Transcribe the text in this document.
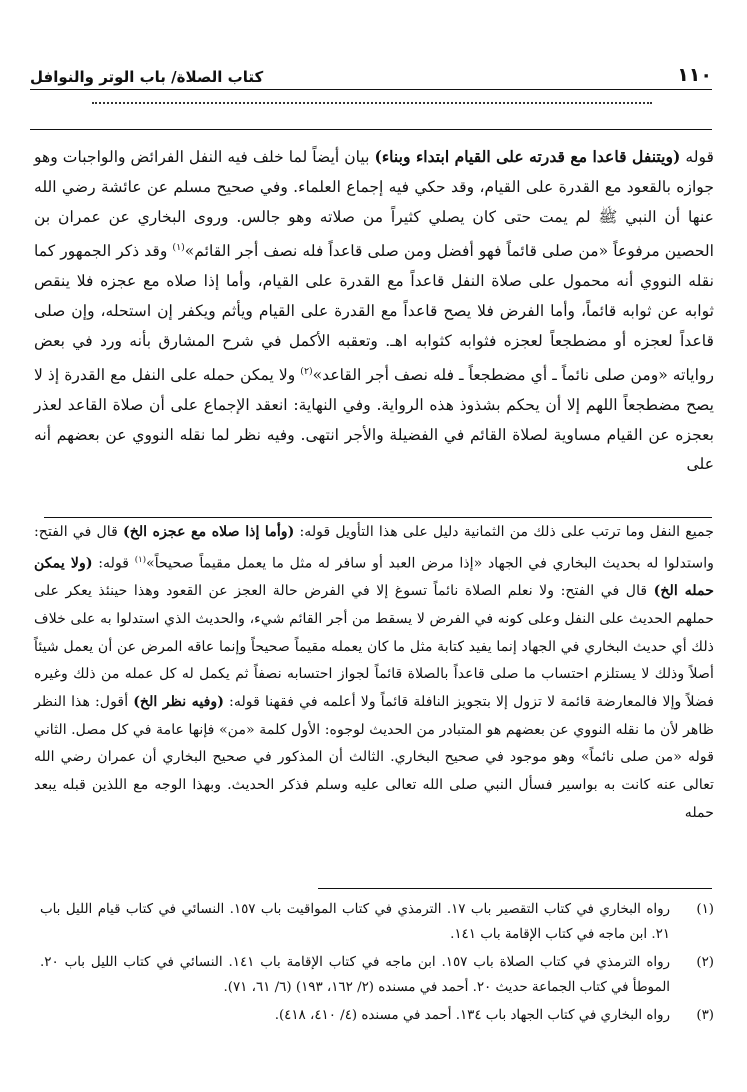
١١٠
كتاب الصلاة/ باب الوتر والنوافل

قوله (ويتنفل قاعدا مع قدرته على القيام ابتداء وبناء) بيان أيضاً لما خلف فيه النفل الفرائض والواجبات وهو جوازه بالقعود مع القدرة على القيام، وقد حكي فيه إجماع العلماء. وفي صحيح مسلم عن عائشة رضي الله عنها أن النبي ﷺ لم يمت حتى كان يصلي كثيراً من صلاته وهو جالس. وروى البخاري عن عمران بن الحصين مرفوعاً «من صلى قائماً فهو أفضل ومن صلى قاعداً فله نصف أجر القائم»$^{(١)}$ وقد ذكر الجمهور كما نقله النووي أنه محمول على صلاة النفل قاعداً مع القدرة على القيام، وأما إذا صلاه مع عجزه فلا ينقص ثوابه عن ثوابه قائماً، وأما الفرض فلا يصح قاعداً مع القدرة على القيام ويأثم ويكفر إن استحله، وإن صلى قاعداً لعجزه أو مضطجعاً لعجزه فثوابه كثوابه اهـ. وتعقبه الأكمل في شرح المشارق بأنه ورد في بعض رواياته «ومن صلى نائماً ـ أي مضطجعاً ـ فله نصف أجر القاعد»$^{(٢)}$ ولا يمكن حمله على النفل مع القدرة إذ لا يصح مضطجعاً اللهم إلا أن يحكم بشذوذ هذه الرواية. وفي النهاية: انعقد الإجماع على أن صلاة القاعد لعذر بعجزه عن القيام مساوية لصلاة القائم في الفضيلة والأجر انتهى. وفيه نظر لما نقله النووي عن بعضهم أنه على

جميع النفل وما ترتب على ذلك من الثمانية دليل على هذا التأويل قوله: (وأما إذا صلاه مع عجزه الخ) قال في الفتح: واستدلوا له بحديث البخاري في الجهاد «إذا مرض العبد أو سافر له مثل ما يعمل مقيماً صحيحاً»$^{(١)}$ قوله: (ولا يمكن حمله الخ) قال في الفتح: ولا نعلم الصلاة نائماً تسوغ إلا في الفرض حالة العجز عن القعود وهذا حينئذ يعكر على حملهم الحديث على النفل وعلى كونه في الفرض لا يسقط من أجر القائم شيء، والحديث الذي استدلوا به على خلاف ذلك أي حديث البخاري في الجهاد إنما يفيد كتابة مثل ما كان يعمله مقيماً صحيحاً وإنما عاقه المرض عن أن يعمل شيئاً أصلاً وذلك لا يستلزم احتساب ما صلى قاعداً بالصلاة قائماً لجواز احتسابه نصفاً ثم يكمل له كل عمله من ذلك وغيره فضلاً وإلا فالمعارضة قائمة لا تزول إلا بتجويز النافلة قائماً ولا أعلمه في فقهنا قوله: (وفيه نظر الخ) أقول: هذا النظر ظاهر لأن ما نقله النووي عن بعضهم هو المتبادر من الحديث لوجوه: الأول كلمة «من» فإنها عامة في كل مصل. الثاني قوله «من صلى نائماً» وهو موجود في صحيح البخاري. الثالث أن المذكور في صحيح البخاري أن عمران رضي الله تعالى عنه كانت به بواسير فسأل النبي صلى الله تعالى عليه وسلم فذكر الحديث. وبهذا الوجه مع اللذين قبله يبعد حمله

(١)
رواه البخاري في كتاب التقصير باب ١٧. الترمذي في كتاب المواقيت باب ١٥٧. النسائي في كتاب قيام الليل باب ٢١. ابن ماجه في كتاب الإقامة باب ١٤١.
(٢)
رواه الترمذي في كتاب الصلاة باب ١٥٧. ابن ماجه في كتاب الإقامة باب ١٤١. النسائي في كتاب الليل باب ٢٠. الموطأ في كتاب الجماعة حديث ٢٠. أحمد في مسنده (٢/ ١٦٢، ١٩٣) (٦/ ٦١، ٧١).
(٣)
رواه البخاري في كتاب الجهاد باب ١٣٤. أحمد في مسنده (٤/ ٤١٠، ٤١٨).
